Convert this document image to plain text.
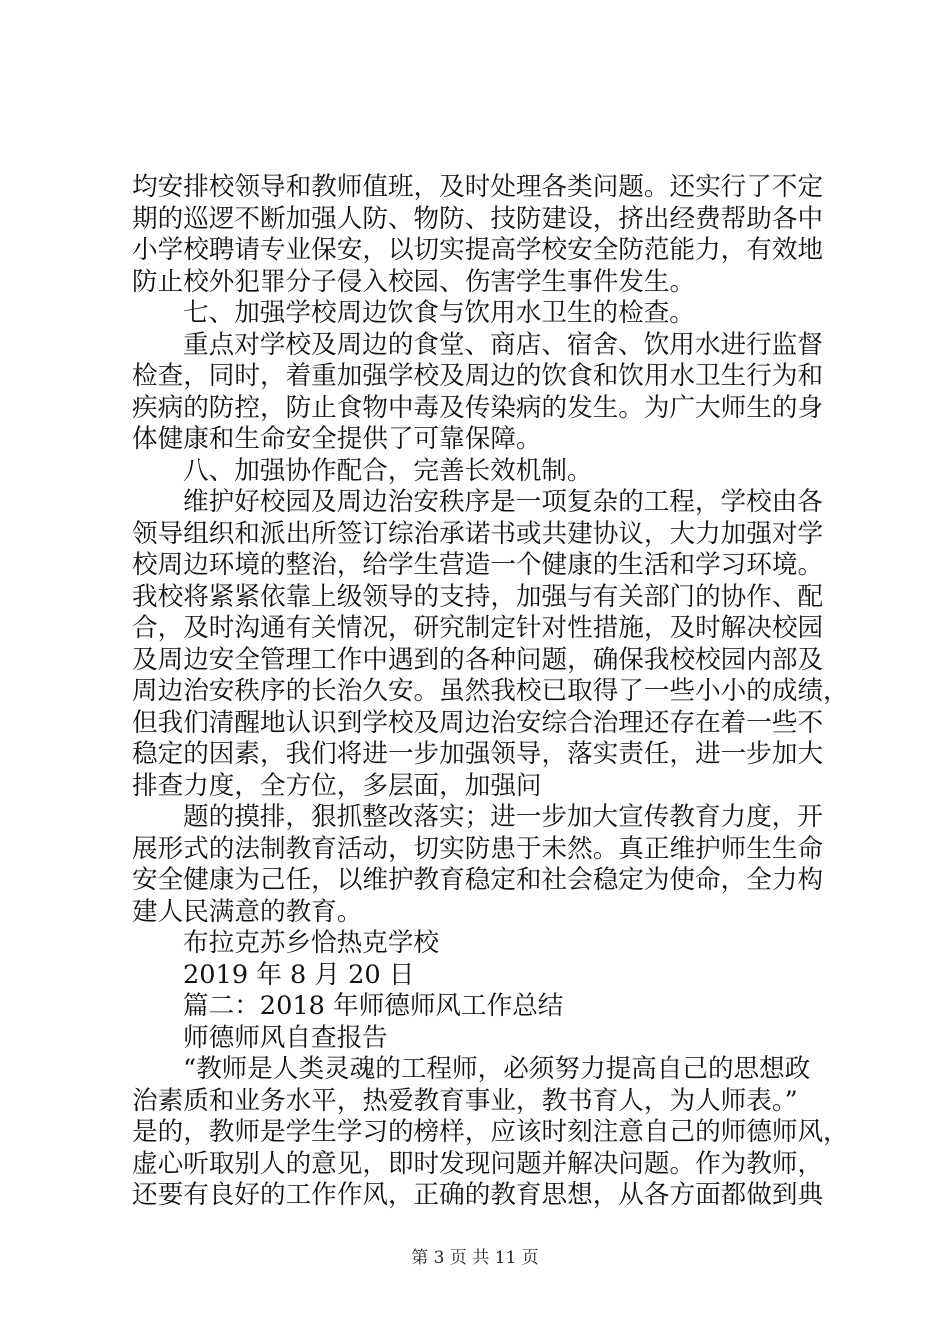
均安排校领导和教师值班，及时处理各类问题。还实行了不定
期的巡逻不断加强人防、物防、技防建设，挤出经费帮助各中
小学校聘请专业保安，以切实提高学校安全防范能力，有效地
防止校外犯罪分子侵入校园、伤害学生事件发生。
七、加强学校周边饮食与饮用水卫生的检查。
重点对学校及周边的食堂、商店、宿舍、饮用水进行监督
检查，同时，着重加强学校及周边的饮食和饮用水卫生行为和
疾病的防控，防止食物中毒及传染病的发生。为广大师生的身
体健康和生命安全提供了可靠保障。
八、加强协作配合，完善长效机制。
维护好校园及周边治安秩序是一项复杂的工程，学校由各
领导组织和派出所签订综治承诺书或共建协议，大力加强对学
校周边环境的整治，给学生营造一个健康的生活和学习环境。
我校将紧紧依靠上级领导的支持，加强与有关部门的协作、配
合，及时沟通有关情况，研究制定针对性措施，及时解决校园
及周边安全管理工作中遇到的各种问题，确保我校校园内部及
周边治安秩序的长治久安。虽然我校已取得了一些小小的成绩，
但我们清醒地认识到学校及周边治安综合治理还存在着一些不
稳定的因素，我们将进一步加强领导，落实责任，进一步加大
排查力度，全方位，多层面，加强问
题的摸排，狠抓整改落实；进一步加大宣传教育力度，开
展形式的法制教育活动，切实防患于未然。真正维护师生生命
安全健康为己任，以维护教育稳定和社会稳定为使命，全力构
建人民满意的教育。
布拉克苏乡恰热克学校
2019 年 8 月 20 日
篇二：2018 年师德师风工作总结
师德师风自查报告
“教师是人类灵魂的工程师，必须努力提高自己的思想政
治素质和业务水平，热爱教育事业，教书育人，为人师表。”
是的，教师是学生学习的榜样，应该时刻注意自己的师德师风，
虚心听取别人的意见，即时发现问题并解决问题。作为教师，
还要有良好的工作作风，正确的教育思想，从各方面都做到典
第 3 页 共 11 页
